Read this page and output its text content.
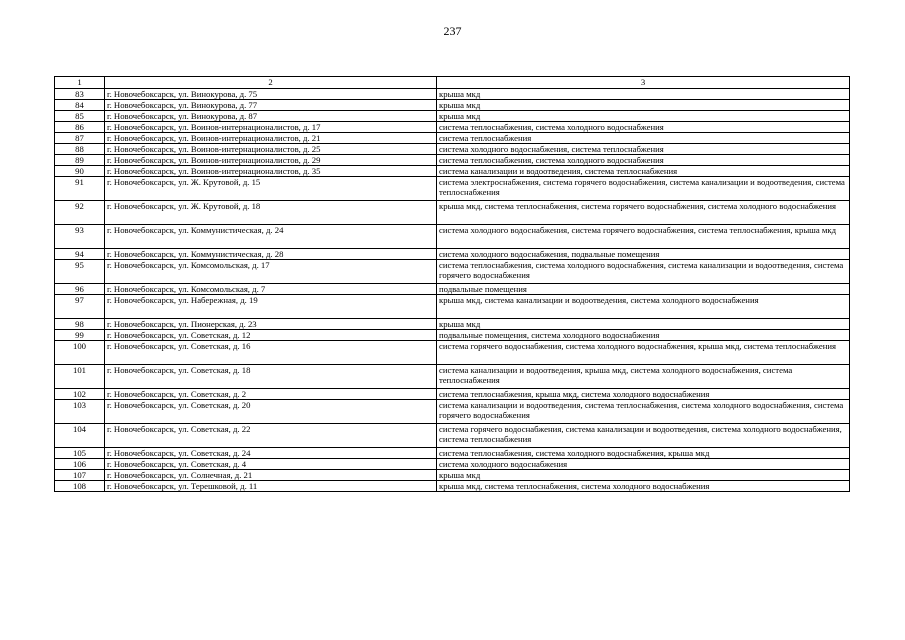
237
1	2	3
83	г. Новочебоксарск, ул. Винокурова, д. 75	крыша мкд
84	г. Новочебоксарск, ул. Винокурова, д. 77	крыша мкд
85	г. Новочебоксарск, ул. Винокурова, д. 87	крыша мкд
86	г. Новочебоксарск, ул. Воинов-интернационалистов, д. 17	система теплоснабжения, система холодного водоснабжения
87	г. Новочебоксарск, ул. Воинов-интернационалистов, д. 21	система теплоснабжения
88	г. Новочебоксарск, ул. Воинов-интернационалистов, д. 25	система холодного водоснабжения, система теплоснабжения
89	г. Новочебоксарск, ул. Воинов-интернационалистов, д. 29	система теплоснабжения, система холодного водоснабжения
90	г. Новочебоксарск, ул. Воинов-интернационалистов, д. 35	система канализации и водоотведения, система теплоснабжения
91	г. Новочебоксарск, ул. Ж. Крутовой, д. 15	система электроснабжения, система горячего водоснабжения, система канализации и водоотведения, система теплоснабжения
92	г. Новочебоксарск, ул. Ж. Крутовой, д. 18	крыша мкд, система теплоснабжения, система горячего водоснабжения, система холодного водоснабжения
93	г. Новочебоксарск, ул. Коммунистическая, д. 24	система холодного водоснабжения, система горячего водоснабжения, система теплоснабжения, крыша мкд
94	г. Новочебоксарск, ул. Коммунистическая, д. 28	система холодного водоснабжения, подвальные помещения
95	г. Новочебоксарск, ул. Комсомольская, д. 17	система теплоснабжения, система холодного водоснабжения, система канализации и водоотведения, система горячего водоснабжения
96	г. Новочебоксарск, ул. Комсомольская, д. 7	подвальные помещения
97	г. Новочебоксарск, ул. Набережная, д. 19	крыша мкд, система канализации и водоотведения, система холодного водоснабжения
98	г. Новочебоксарск, ул. Пионерская, д. 23	крыша мкд
99	г. Новочебоксарск, ул. Советская, д. 12	подвальные помещения, система холодного водоснабжения
100	г. Новочебоксарск, ул. Советская, д. 16	система горячего водоснабжения, система холодного водоснабжения, крыша мкд, система теплоснабжения
101	г. Новочебоксарск, ул. Советская, д. 18	система канализации и водоотведения, крыша мкд, система холодного водоснабжения, система теплоснабжения
102	г. Новочебоксарск, ул. Советская, д. 2	система теплоснабжения, крыша мкд, система холодного водоснабжения
103	г. Новочебоксарск, ул. Советская, д. 20	система канализации и водоотведения, система теплоснабжения, система холодного водоснабжения, система горячего водоснабжения
104	г. Новочебоксарск, ул. Советская, д. 22	система горячего водоснабжения, система канализации и водоотведения, система холодного водоснабжения, система теплоснабжения
105	г. Новочебоксарск, ул. Советская, д. 24	система теплоснабжения, система холодного водоснабжения, крыша мкд
106	г. Новочебоксарск, ул. Советская, д. 4	система холодного водоснабжения
107	г. Новочебоксарск, ул. Солнечная, д. 21	крыша мкд
108	г. Новочебоксарск, ул. Терешковой, д. 11	крыша мкд, система теплоснабжения, система холодного водоснабжения
